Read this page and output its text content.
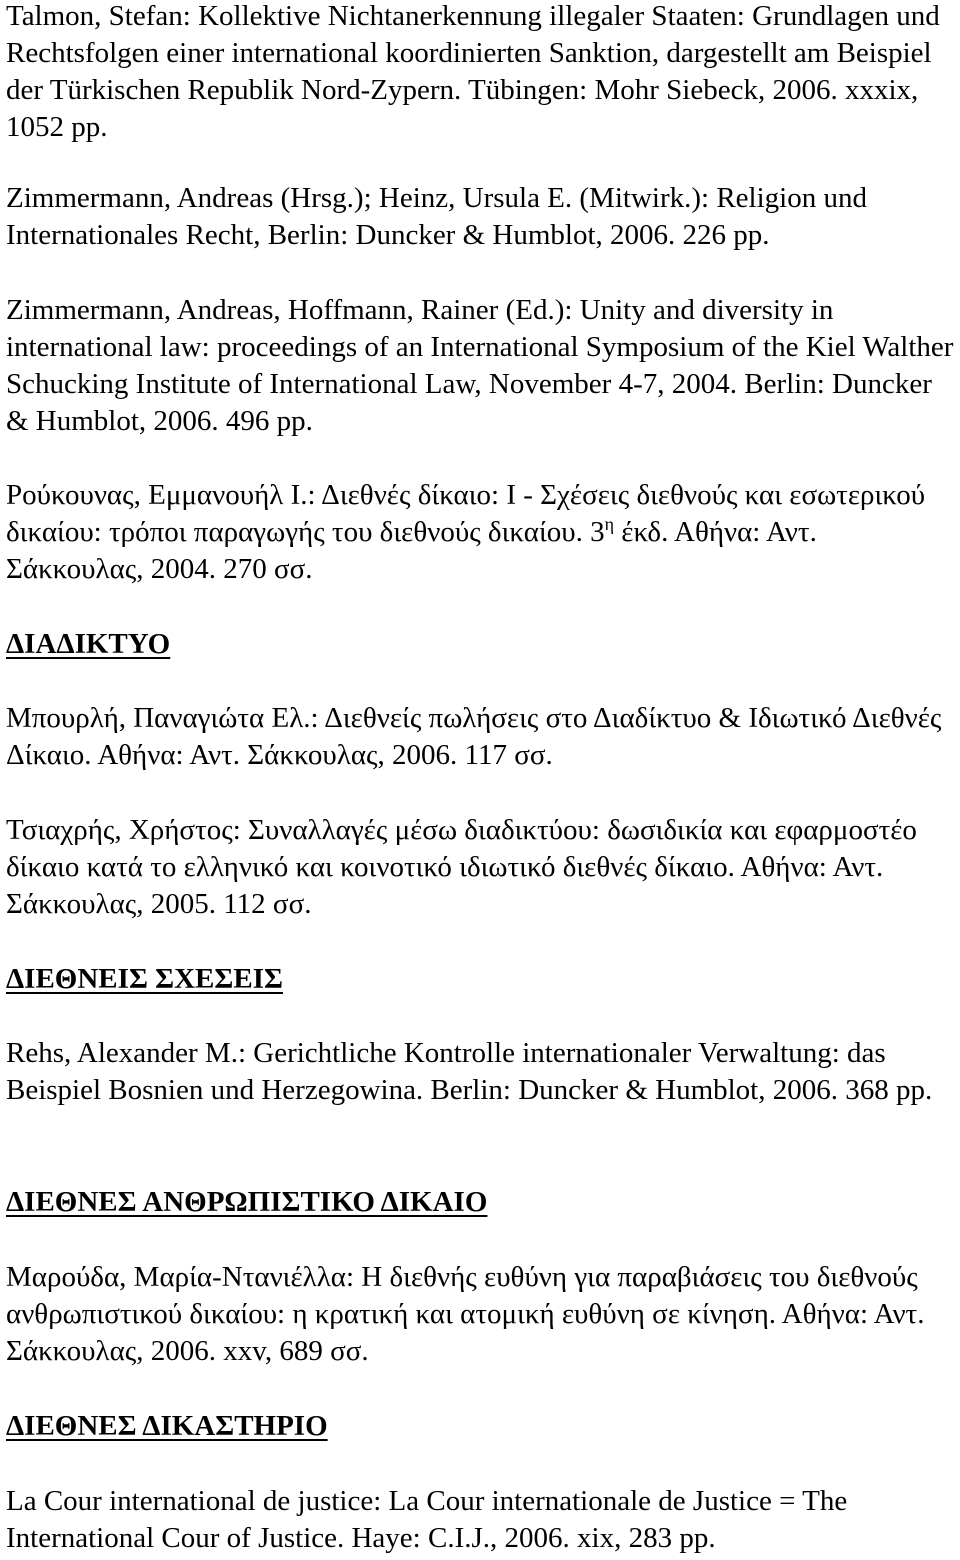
Talmon, Stefan: Kollektive Nichtanerkennung illegaler Staaten: Grundlagen und Rechtsfolgen einer international koordinierten Sanktion, dargestellt am Beispiel der Türkischen Republik Nord-Zypern. Tübingen: Mohr Siebeck, 2006. xxxix, 1052 pp.

Zimmermann, Andreas (Hrsg.); Heinz, Ursula E. (Mitwirk.): Religion und Internationales Recht, Berlin: Duncker & Humblot, 2006. 226 pp.

Zimmermann, Andreas, Hoffmann, Rainer (Ed.): Unity and diversity in international law: proceedings of an International Symposium of the Kiel Walther Schucking Institute of International Law, November 4-7, 2004. Berlin: Duncker & Humblot, 2006. 496 pp.

Ρούκουνας, Εμμανουήλ Ι.: Διεθνές δίκαιο: Ι - Σχέσεις διεθνούς και εσωτερικού δικαίου: τρόποι παραγωγής του διεθνούς δικαίου. $3^\eta$ έκδ. Αθήνα: Αντ. Σάκκουλας, 2004. 270 σσ.

ΔΙΑΔΙΚΤΥΟ

Μπουρλή, Παναγιώτα Ελ.: Διεθνείς πωλήσεις στο Διαδίκτυο & Ιδιωτικό Διεθνές Δίκαιο. Αθήνα: Αντ. Σάκκουλας, 2006. 117 σσ.

Τσιαχρής, Χρήστος: Συναλλαγές μέσω διαδικτύου: δωσιδικία και εφαρμοστέο δίκαιο κατά το ελληνικό και κοινοτικό ιδιωτικό διεθνές δίκαιο. Αθήνα: Αντ. Σάκκουλας, 2005. 112 σσ.

ΔΙΕΘΝΕΙΣ ΣΧΕΣΕΙΣ

Rehs, Alexander M.: Gerichtliche Kontrolle internationaler Verwaltung: das Beispiel Bosnien und Herzegowina. Berlin: Duncker & Humblot, 2006. 368 pp.

ΔΙΕΘΝΕΣ ΑΝΘΡΩΠΙΣΤΙΚΟ ΔΙΚΑΙΟ

Μαρούδα, Μαρία-Ντανιέλλα: Η διεθνής ευθύνη για παραβιάσεις του διεθνούς ανθρωπιστικού δικαίου: η κρατική και ατομική ευθύνη σε κίνηση. Αθήνα: Αντ. Σάκκουλας, 2006. xxv, 689 σσ.

ΔΙΕΘΝΕΣ ΔΙΚΑΣΤΗΡΙΟ

La Cour international de justice: La Cour internationale de Justice = The International Cour of Justice. Haye: C.I.J., 2006. xix, 283 pp.
